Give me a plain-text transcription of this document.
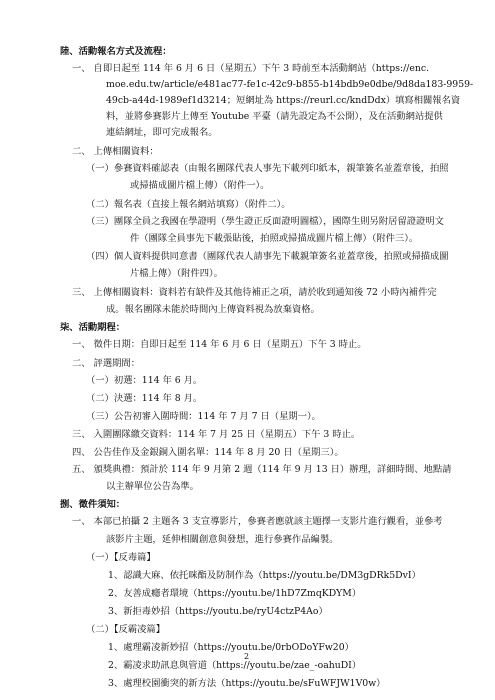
陸、活動報名方式及流程：
一、 自即日起至 114 年 6 月 6 日（星期五）下午 3 時前至本活動網站（https://enc.
moe.edu.tw/article/e481ac77-fe1c-42c9-b855-b14bdb9e0dbe/9d8da183-9959-
49cb-a44d-1989ef1d3214；短網址為 https://reurl.cc/kndDdx）填寫相關報名資
料，並將參賽影片上傳至 Youtube 平臺（請先設定為不公開），及在活動網站提供
連結網址，即可完成報名。
二、 上傳相關資料：
（一）參賽資料確認表（由報名團隊代表人事先下載列印紙本，親筆簽名並蓋章後，拍照
或掃描成圖片檔上傳）（附件一）。
（二）報名表（直接上報名網站填寫）（附件二）。
（三）團隊全員之我國在學證明（學生證正反面證明圖檔），國際生則另附居留證證明文
件（團隊全員事先下載張貼後，拍照或掃描成圖片檔上傳）（附件三）。
（四）個人資料提供同意書（團隊代表人請事先下載親筆簽名並蓋章後，拍照或掃描成圖
片檔上傳）（附件四）。
三、 上傳相關資料：資料若有缺件及其他待補正之項，請於收到通知後 72 小時內補件完
成。報名團隊未能於時間內上傳資料視為放棄資格。
柒、活動期程：
一、 徵件日期：自即日起至 114 年 6 月 6 日（星期五）下午 3 時止。
二、 評選期間：
（一）初選：114 年 6 月。
（二）決選：114 年 8 月。
（三）公告初審入圍時間：114 年 7 月 7 日（星期一）。
三、 入圍團隊繳交資料：114 年 7 月 25 日（星期五）下午 3 時止。
四、 公告佳作及金銀銅入圍名單：114 年 8 月 20 日（星期三）。
五、 頒獎典禮：預計於 114 年 9 月第 2 週（114 年 9 月 13 日）辦理，詳細時間、地點請
以主辦單位公告為準。
捌、徵件須知：
一、 本部已拍攝 2 主題各 3 支宣導影片，參賽者應就該主題擇一支影片進行觀看，並參考
該影片主題，延伸相關創意與發想，進行參賽作品編製。
（一）【反毒篇】
1、認識大麻、依托咪酯及防制作為（https://youtu.be/DM3gDRk5DvI）
2、友善成癮者環境（https://youtu.be/1hD7ZmqKDYM）
3、新拒毒妙招（https://youtu.be/ryU4ctzP4Ao）
（二）【反霸凌篇】
1、處理霸凌新妙招（https://youtu.be/0rbODoYFw20）
2、霸凌求助訊息與管道（https://youtu.be/zae_-oahuDI）
3、處理校園衝突的新方法（https://youtu.be/sFuWFJW1V0w）
2
